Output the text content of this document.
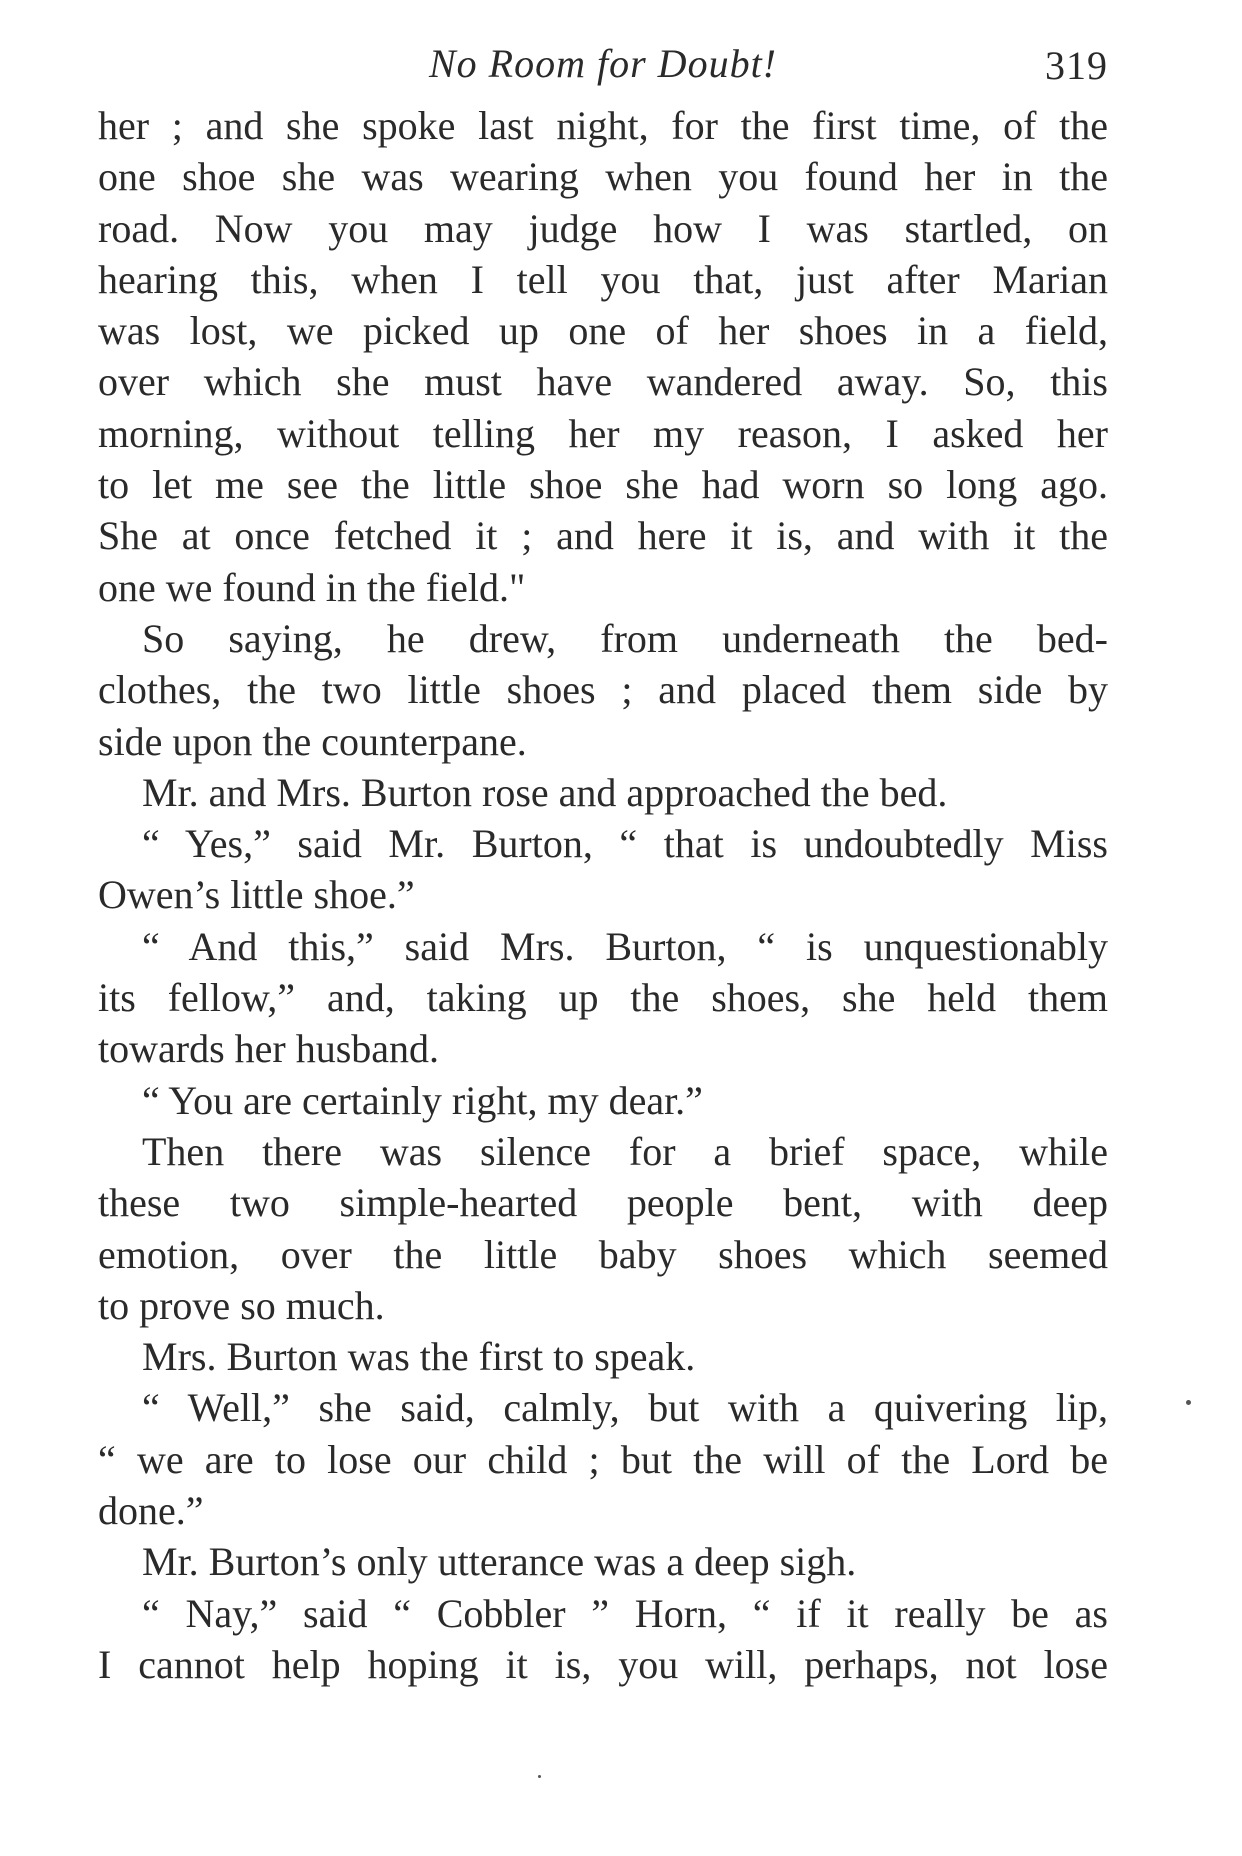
No Room for Doubt!	319
her ; and she spoke last night, for the first time, of the
one shoe she was wearing when you found her in the
road. Now you may judge how I was startled, on
hearing this, when I tell you that, just after Marian
was lost, we picked up one of her shoes in a field,
over which she must have wandered away. So, this
morning, without telling her my reason, I asked her
to let me see the little shoe she had worn so long ago.
She at once fetched it ; and here it is, and with it the
one we found in the field."
So saying, he drew, from underneath the bed-
clothes, the two little shoes ; and placed them side by
side upon the counterpane.
Mr. and Mrs. Burton rose and approached the bed.
“ Yes,” said Mr. Burton, “ that is undoubtedly Miss
Owen’s little shoe.”
“ And this,” said Mrs. Burton, “ is unquestionably
its fellow,” and, taking up the shoes, she held them
towards her husband.
“ You are certainly right, my dear.”
Then there was silence for a brief space, while
these two simple-hearted people bent, with deep
emotion, over the little baby shoes which seemed
to prove so much.
Mrs. Burton was the first to speak.
“ Well,” she said, calmly, but with a quivering lip,
“ we are to lose our child ; but the will of the Lord be
done.”
Mr. Burton’s only utterance was a deep sigh.
“ Nay,” said “ Cobbler ” Horn, “ if it really be as
I cannot help hoping it is, you will, perhaps, not lose
